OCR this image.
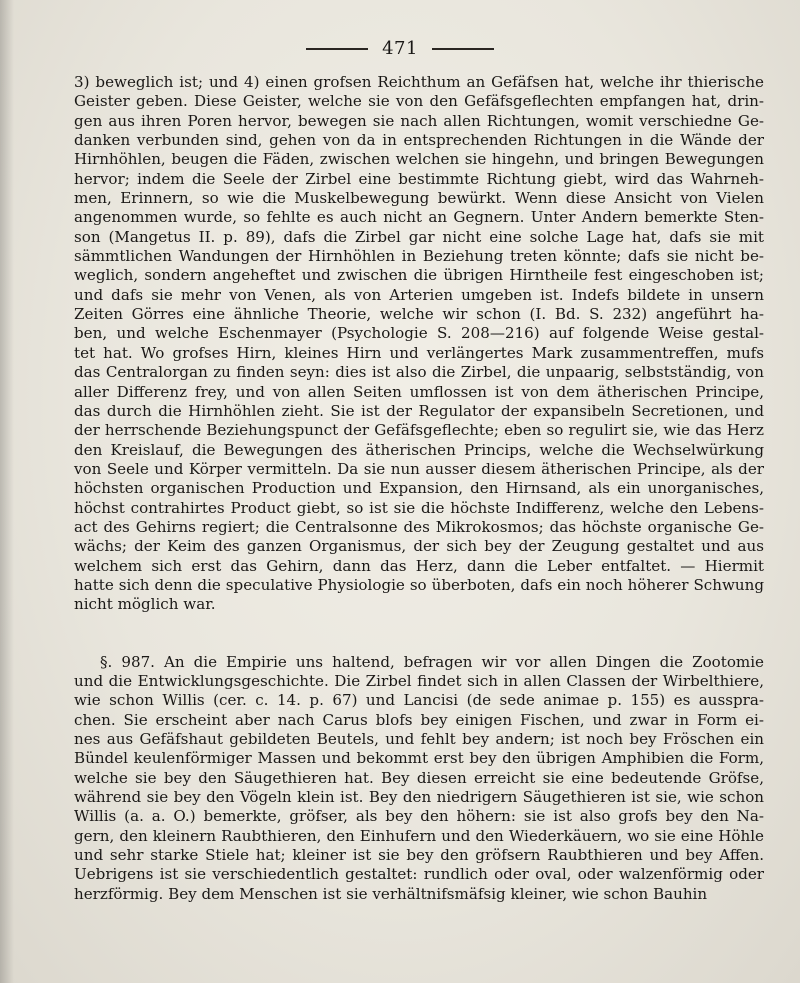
471
3) beweglich ist; und 4) einen grofsen Reichthum an Gefäfsen hat, welche ihr thierische
Geister geben. Diese Geister, welche sie von den Gefäfsgeflechten empfangen hat, drin-
gen aus ihren Poren hervor, bewegen sie nach allen Richtungen, womit verschiedne Ge-
danken verbunden sind, gehen von da in entsprechenden Richtungen in die Wände der
Hirnhöhlen, beugen die Fäden, zwischen welchen sie hingehn, und bringen Bewegungen
hervor; indem die Seele der Zirbel eine bestimmte Richtung giebt, wird das Wahrneh-
men, Erinnern, so wie die Muskelbewegung bewürkt. Wenn diese Ansicht von Vielen
angenommen wurde, so fehlte es auch nicht an Gegnern. Unter Andern bemerkte Sten-
son (Mangetus II. p. 89), dafs die Zirbel gar nicht eine solche Lage hat, dafs sie mit
sämmtlichen Wandungen der Hirnhöhlen in Beziehung treten könnte; dafs sie nicht be-
weglich, sondern angeheftet und zwischen die übrigen Hirntheile fest eingeschoben ist;
und dafs sie mehr von Venen, als von Arterien umgeben ist. Indefs bildete in unsern
Zeiten Görres eine ähnliche Theorie, welche wir schon (I. Bd. S. 232) angeführt ha-
ben, und welche Eschenmayer (Psychologie S. 208—216) auf folgende Weise gestal-
tet hat. Wo grofses Hirn, kleines Hirn und verlängertes Mark zusammentreffen, mufs
das Centralorgan zu finden seyn: dies ist also die Zirbel, die unpaarig, selbstständig, von
aller Differenz frey, und von allen Seiten umflossen ist von dem ätherischen Principe,
das durch die Hirnhöhlen zieht. Sie ist der Regulator der expansibeln Secretionen, und
der herrschende Beziehungspunct der Gefäfsgeflechte; eben so regulirt sie, wie das Herz
den Kreislauf, die Bewegungen des ätherischen Princips, welche die Wechselwürkung
von Seele und Körper vermitteln. Da sie nun ausser diesem ätherischen Principe, als der
höchsten organischen Production und Expansion, den Hirnsand, als ein unorganisches,
höchst contrahirtes Product giebt, so ist sie die höchste Indifferenz, welche den Lebens-
act des Gehirns regiert; die Centralsonne des Mikrokosmos; das höchste organische Ge-
wächs; der Keim des ganzen Organismus, der sich bey der Zeugung gestaltet und aus
welchem sich erst das Gehirn, dann das Herz, dann die Leber entfaltet. — Hiermit
hatte sich denn die speculative Physiologie so überboten, dafs ein noch höherer Schwung
nicht möglich war.
§. 987. An die Empirie uns haltend, befragen wir vor allen Dingen die Zootomie
und die Entwicklungsgeschichte. Die Zirbel findet sich in allen Classen der Wirbelthiere,
wie schon Willis (cer. c. 14. p. 67) und Lancisi (de sede animae p. 155) es aussprа-
chen. Sie erscheint aber nach Carus blofs bey einigen Fischen, und zwar in Form ei-
nes aus Gefäfshaut gebildeten Beutels, und fehlt bey andern; ist noch bey Fröschen ein
Bündel keulenförmiger Massen und bekommt erst bey den übrigen Amphibien die Form,
welche sie bey den Säugethieren hat. Bey diesen erreicht sie eine bedeutende Gröfse,
während sie bey den Vögeln klein ist. Bey den niedrigern Säugethieren ist sie, wie schon
Willis (a. a. O.) bemerkte, gröfser, als bey den höhern: sie ist also grofs bey den Na-
gern, den kleinern Raubthieren, den Einhufern und den Wiederkäuern, wo sie eine Höhle
und sehr starke Stiele hat; kleiner ist sie bey den gröfsern Raubthieren und bey Affen.
Uebrigens ist sie verschiedentlich gestaltet: rundlich oder oval, oder walzenförmig oder
herzförmig. Bey dem Menschen ist sie verhältnifsmäfsig kleiner, wie schon Bauhin
